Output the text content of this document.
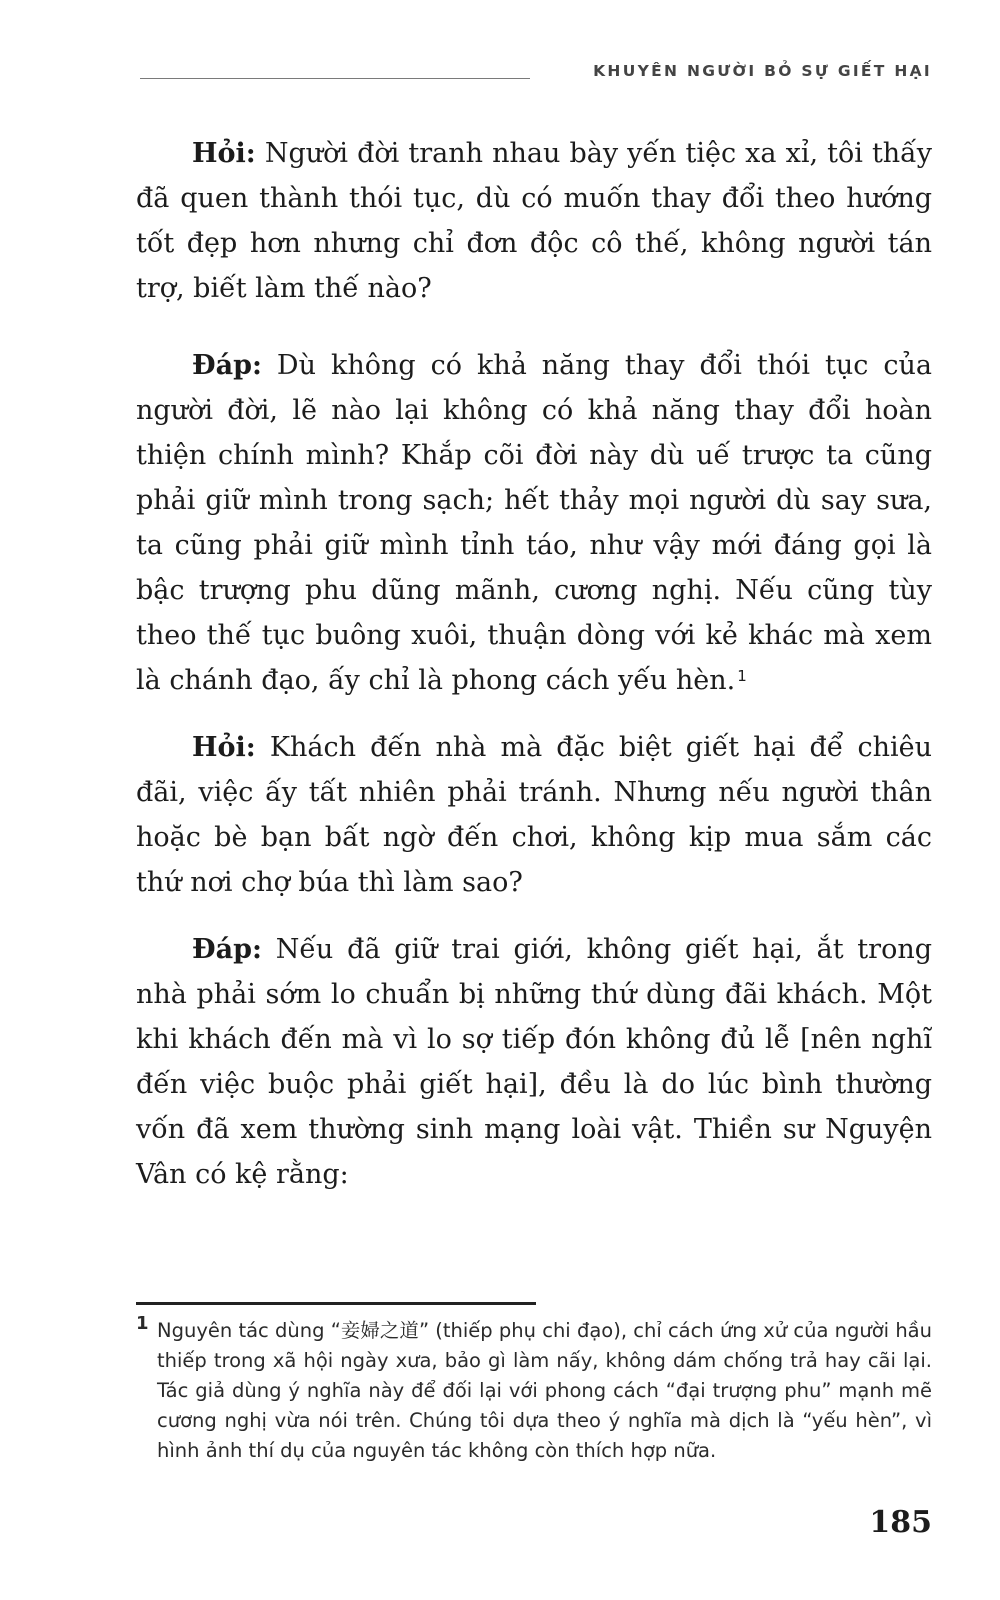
KHUYÊN NGƯỜI BỎ SỰ GIẾT HẠI

Hỏi: Người đời tranh nhau bày yến tiệc xa xỉ, tôi thấy đã quen thành thói tục, dù có muốn thay đổi theo hướng tốt đẹp hơn nhưng chỉ đơn độc cô thế, không người tán trợ, biết làm thế nào?

Đáp: Dù không có khả năng thay đổi thói tục của người đời, lẽ nào lại không có khả năng thay đổi hoàn thiện chính mình? Khắp cõi đời này dù uế trược ta cũng phải giữ mình trong sạch; hết thảy mọi người dù say sưa, ta cũng phải giữ mình tỉnh táo, như vậy mới đáng gọi là bậc trượng phu dũng mãnh, cương nghị. Nếu cũng tùy theo thế tục buông xuôi, thuận dòng với kẻ khác mà xem là chánh đạo, ấy chỉ là phong cách yếu hèn. $^1$

Hỏi: Khách đến nhà mà đặc biệt giết hại để chiêu đãi, việc ấy tất nhiên phải tránh. Nhưng nếu người thân hoặc bè bạn bất ngờ đến chơi, không kịp mua sắm các thứ nơi chợ búa thì làm sao?

Đáp: Nếu đã giữ trai giới, không giết hại, ắt trong nhà phải sớm lo chuẩn bị những thứ dùng đãi khách. Một khi khách đến mà vì lo sợ tiếp đón không đủ lễ [nên nghĩ đến việc buộc phải giết hại], đều là do lúc bình thường vốn đã xem thường sinh mạng loài vật. Thiền sư Nguyện Vân có kệ rằng:

1 Nguyên tác dùng “妾婦之道” (thiếp phụ chi đạo), chỉ cách ứng xử của người hầu thiếp trong xã hội ngày xưa, bảo gì làm nấy, không dám chống trả hay cãi lại. Tác giả dùng ý nghĩa này để đối lại với phong cách “đại trượng phu” mạnh mẽ cương nghị vừa nói trên. Chúng tôi dựa theo ý nghĩa mà dịch là “yếu hèn”, vì hình ảnh thí dụ của nguyên tác không còn thích hợp nữa.
185
